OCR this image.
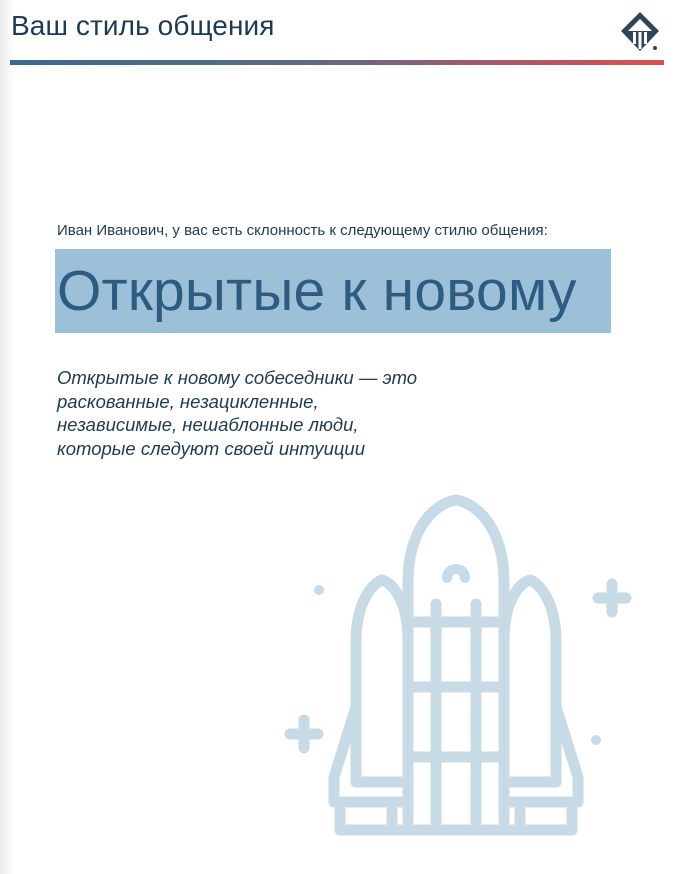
Ваш стиль общения
Иван Иванович, у вас есть склонность к следующему стилю общения:
Открытые к новому
Открытые к новому собеседники — это
раскованные, незацикленные,
независимые, нешаблонные люди,
которые следуют своей интуиции
